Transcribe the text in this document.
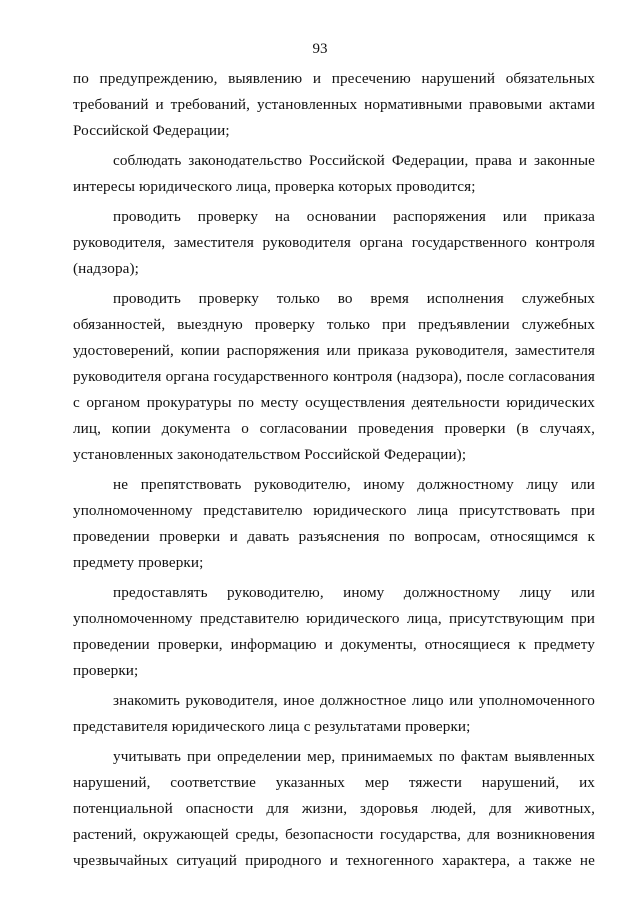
93

по предупреждению, выявлению и пресечению нарушений обязательных требований и требований, установленных нормативными правовыми актами Российской Федерации;

соблюдать законодательство Российской Федерации, права и законные интересы юридического лица, проверка которых проводится;

проводить проверку на основании распоряжения или приказа руководителя, заместителя руководителя органа государственного контроля (надзора);

проводить проверку только во время исполнения служебных обязанностей, выездную проверку только при предъявлении служебных удостоверений, копии распоряжения или приказа руководителя, заместителя руководителя органа государственного контроля (надзора), после согласования с органом прокуратуры по месту осуществления деятельности юридических лиц, копии документа о согласовании проведения проверки (в случаях, установленных законодательством Российской Федерации);

не препятствовать руководителю, иному должностному лицу или уполномоченному представителю юридического лица присутствовать при проведении проверки и давать разъяснения по вопросам, относящимся к предмету проверки;

предоставлять руководителю, иному должностному лицу или уполномоченному представителю юридического лица, присутствующим при проведении проверки, информацию и документы, относящиеся к предмету проверки;

знакомить руководителя, иное должностное лицо или уполномоченного представителя юридического лица с результатами проверки;

учитывать при определении мер, принимаемых по фактам выявленных нарушений, соответствие указанных мер тяжести нарушений, их потенциальной опасности для жизни, здоровья людей, для животных, растений, окружающей среды, безопасности государства, для возникновения чрезвычайных ситуаций природного и техногенного характера, а также не
